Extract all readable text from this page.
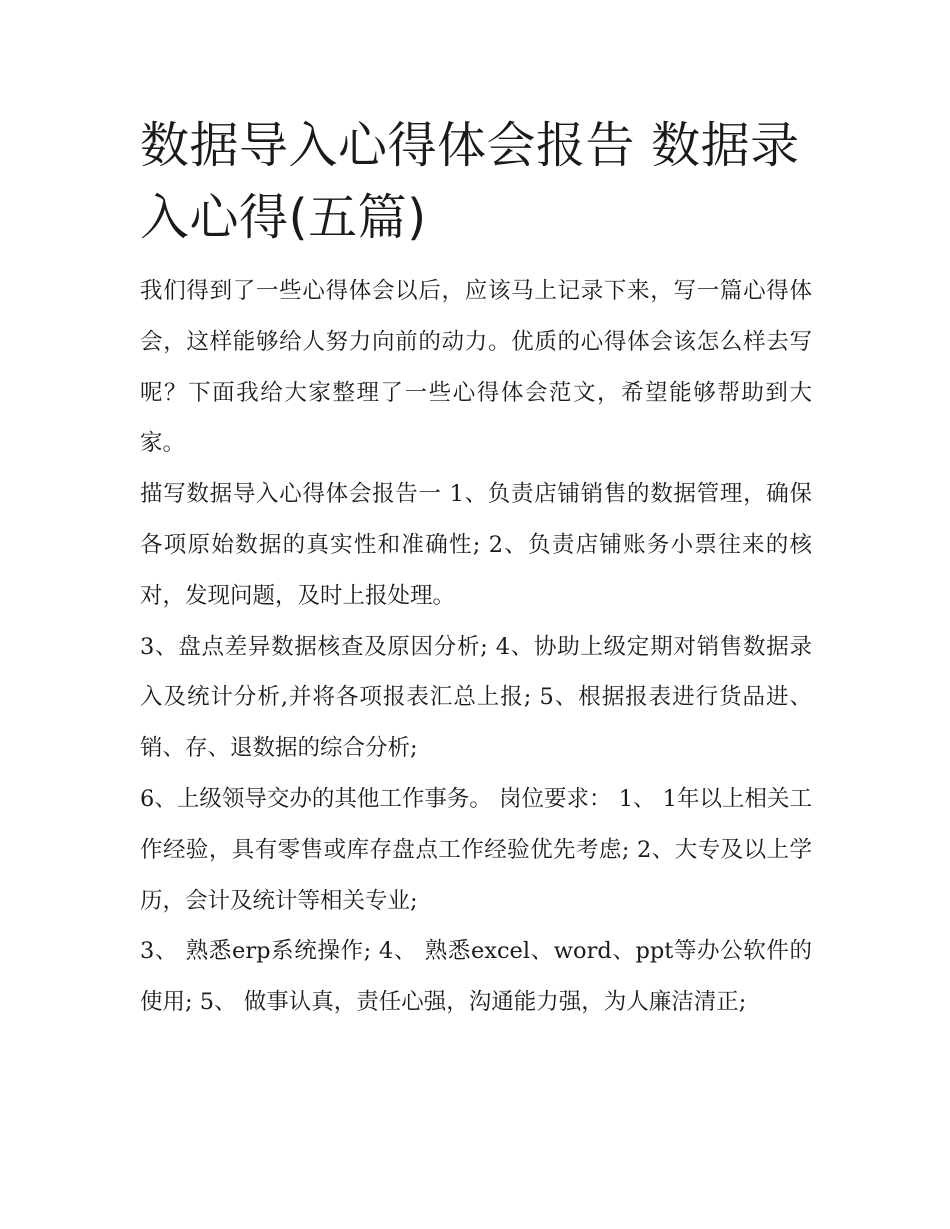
数据导入心得体会报告 数据录入心得(五篇)

我们得到了一些心得体会以后，应该马上记录下来，写一篇心得体会，这样能够给人努力向前的动力。优质的心得体会该怎么样去写呢？下面我给大家整理了一些心得体会范文，希望能够帮助到大家。

描写数据导入心得体会报告一 1、负责店铺销售的数据管理，确保各项原始数据的真实性和准确性; 2、负责店铺账务小票往来的核对，发现问题，及时上报处理。

3、盘点差异数据核查及原因分析; 4、协助上级定期对销售数据录入及统计分析,并将各项报表汇总上报; 5、根据报表进行货品进、销、存、退数据的综合分析;

6、上级领导交办的其他工作事务。 岗位要求： 1、 1年以上相关工作经验，具有零售或库存盘点工作经验优先考虑; 2、大专及以上学历，会计及统计等相关专业;

3、 熟悉erp系统操作; 4、 熟悉excel、word、ppt等办公软件的使用; 5、 做事认真，责任心强，沟通能力强，为人廉洁清正;
